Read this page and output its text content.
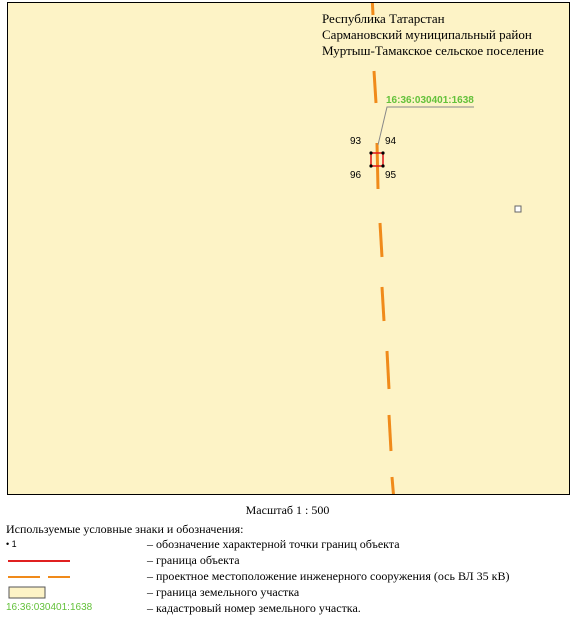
Республика Татарстан
Сармановский муниципальный район
Муртыш-Тамакское сельское поселение
16:36:030401:1638
93 94
95
96
Масштаб 1 : 500
Используемые условные знаки и обозначения:
• 1	– обозначение характерной точки границ объекта
– граница объекта
– проектное местоположение инженерного сооружения (ось ВЛ 35 кВ)
– граница земельного участка
16:36:030401:1638	– кадастровый номер земельного участка.
